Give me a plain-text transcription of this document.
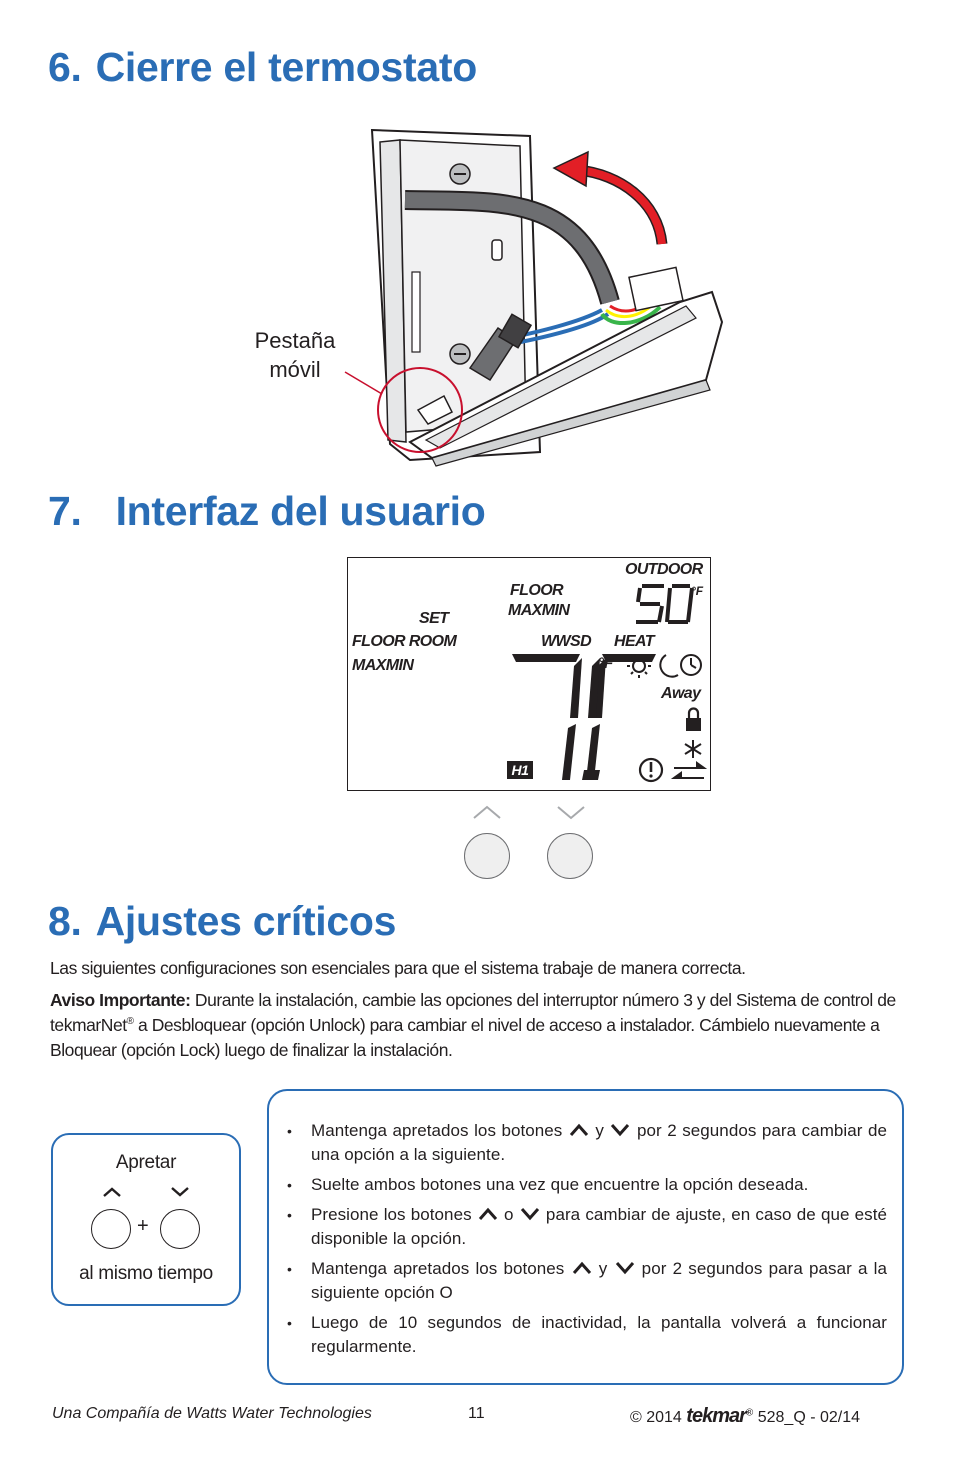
6. Cierre el termostato
Pestaña
móvil
7. Interfaz del usuario
OUTDOOR
°F
FLOOR
MAXMIN
SET
FLOOR ROOM
MAXMIN
WWSD HEAT
°F
Away
H1
8. Ajustes críticos

Las siguientes configuraciones son esenciales para que el sistema trabaje de manera correcta.

Aviso Importante: Durante la instalación, cambie las opciones del interruptor número 3 y del Sistema de control de tekmarNet® a Desbloquear (opción Unlock) para cambiar el nivel de acceso a instalador. Cámbielo nuevamente a Bloquear (opción Lock) luego de finalizar la instalación.

Apretar
+
al mismo tiempo
• Mantenga apretados los botones  y  por 2 segundos para cambiar de una opción a la siguiente.
• Suelte ambos botones una vez que encuentre la opción deseada.
• Presione los botones  o  para cambiar de ajuste, en caso de que esté disponible la opción.
• Mantenga apretados los botones  y  por 2 segundos para pasar a la siguiente opción O
• Luego de 10 segundos de inactividad, la pantalla volverá a funcionar regularmente.
Una Compañía de Watts Water Technologies	11	© 2014 tekmar® 528_Q - 02/14
